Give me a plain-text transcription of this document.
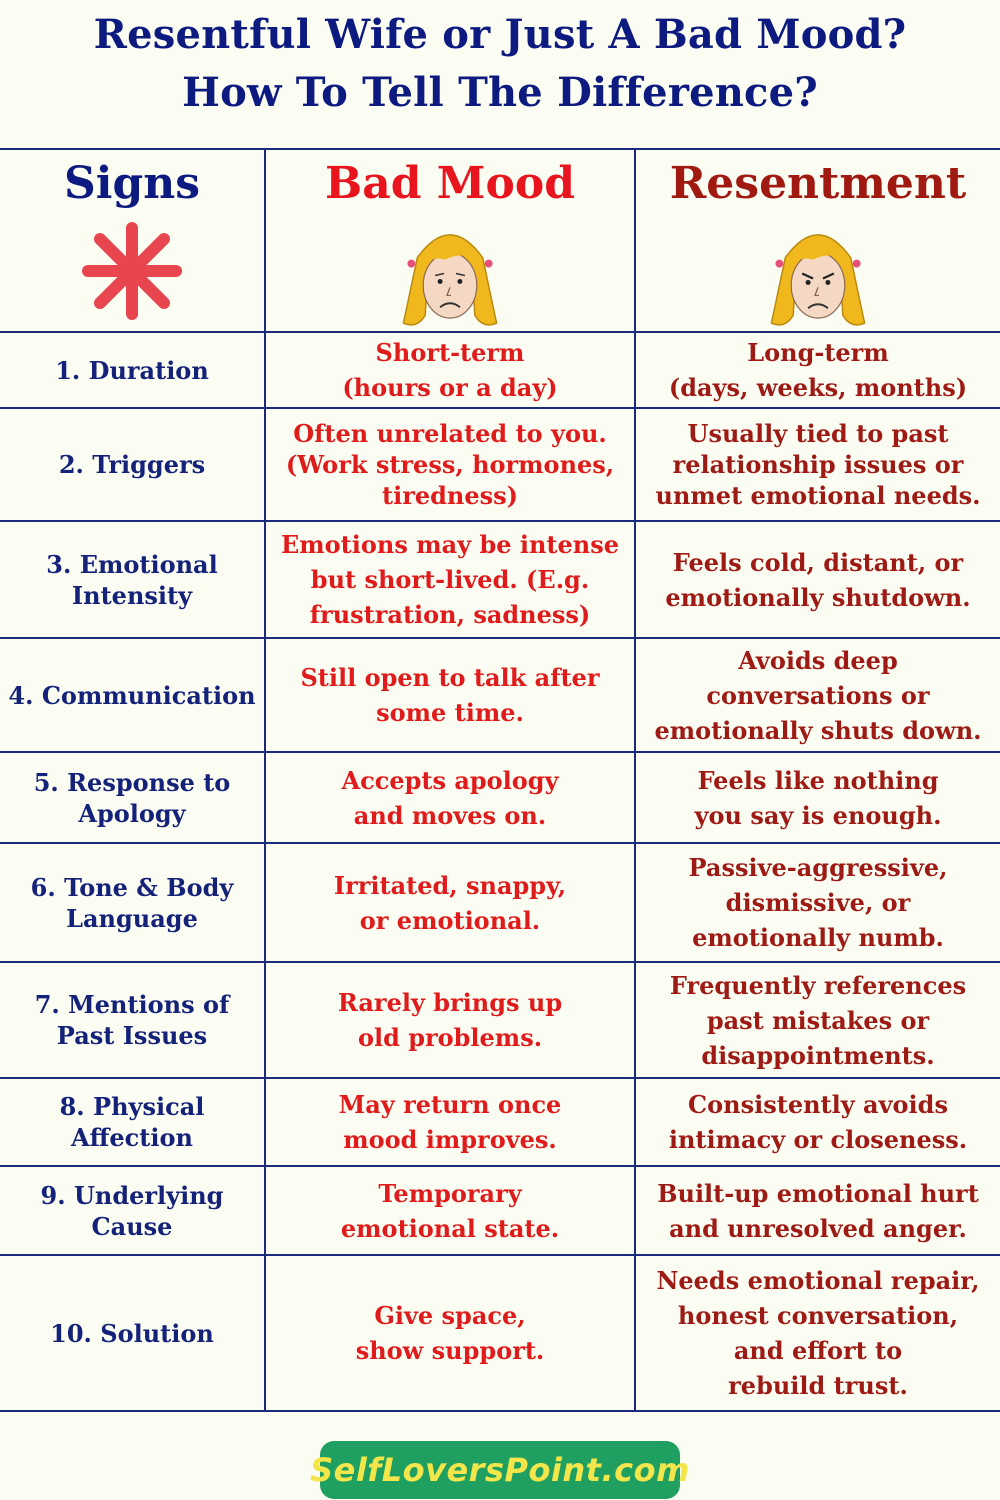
Resentful Wife or Just A Bad Mood?
How To Tell The Difference?
Signs	Bad Mood Resentment
1. Duration
Short-term
(hours or a day)
Long-term
(days, weeks, months)
2. Triggers
Often unrelated to you.
(Work stress, hormones,
tiredness)
Usually tied to past
relationship issues or
unmet emotional needs.
3. Emotional
Intensity
Emotions may be intense
but short-lived. (E.g.
frustration, sadness)
Feels cold, distant, or
emotionally shutdown.
4. Communication
Still open to talk after
some time.
Avoids deep
conversations or
emotionally shuts down.
5. Response to
Apology
Accepts apology
and moves on.
Feels like nothing
you say is enough.
6. Tone & Body
Language
Irritated, snappy,
or emotional.
Passive-aggressive,
dismissive, or
emotionally numb.
7. Mentions of
Past Issues
Rarely brings up
old problems.
Frequently references
past mistakes or
disappointments.
8. Physical
Affection
May return once
mood improves.
Consistently avoids
intimacy or closeness.
9. Underlying
Cause
Temporary
emotional state.
Built-up emotional hurt
and unresolved anger.
10. Solution
Give space,
show support.
Needs emotional repair,
honest conversation,
and effort to
rebuild trust.
SelfLoversPoint.com
